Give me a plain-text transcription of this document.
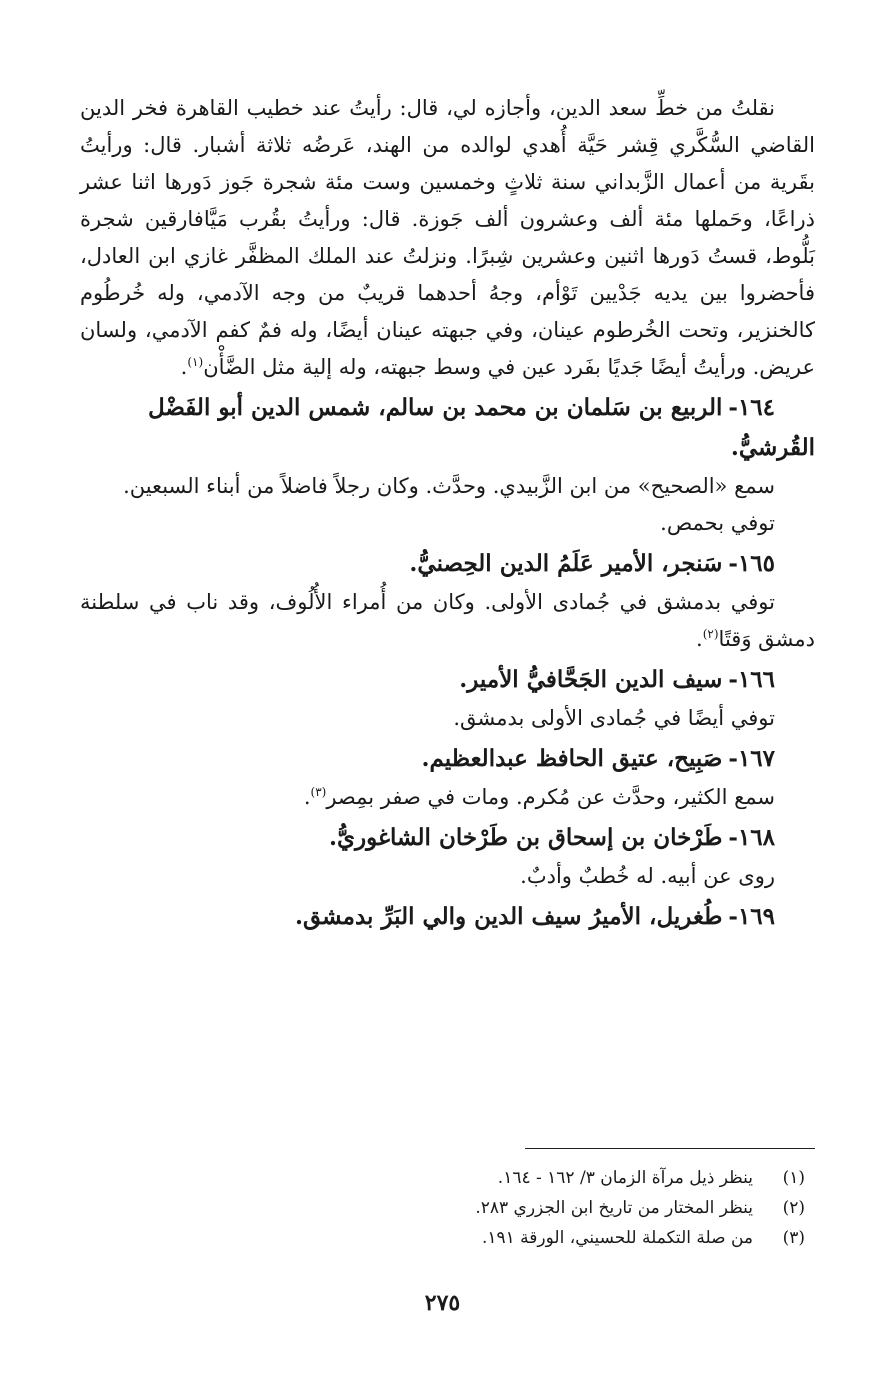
نقلتُ من خطِّ سعد الدين، وأجازه لي، قال: رأيتُ عند خطيب القاهرة فخر الدين القاضي السُّكَّري قِشر حَيَّة أُهدي لوالده من الهند، عَرضُه ثلاثة أشبار. قال: ورأيتُ بقَرية من أعمال الزَّبداني سنة ثلاثٍ وخمسين وست مئة شجرة جَوز دَورها اثنا عشر ذراعًا، وحَملها مئة ألف وعشرون ألف جَوزة. قال: ورأيتُ بقُرب مَيَّافارقين شجرة بَلُّوط، قستُ دَورها اثنين وعشرين شِبرًا. ونزلتُ عند الملك المظفَّر غازي ابن العادل، فأحضروا بين يديه جَدْيين تَوْأم، وجهُ أحدهما قريبٌ من وجه الآدمي، وله خُرطُوم كالخنزير، وتحت الخُرطوم عينان، وفي جبهته عينان أيضًا، وله فمٌ كفم الآدمي، ولسان عريض. ورأيتُ أيضًا جَديًا بفَرد عين في وسط جبهته، وله إلية مثل الضَّأْن$^{(١)}$.

١٦٤-الربيع بن سَلمان بن محمد بن سالم، شمس الدين أبو الفَضْل القُرشيُّ.

سمع «الصحيح» من ابن الزَّبيدي. وحدَّث. وكان رجلاً فاضلاً من أبناء السبعين.

توفي بحمص.

١٦٥-سَنجر، الأمير عَلَمُ الدين الحِصنيُّ.

توفي بدمشق في جُمادى الأولى. وكان من أُمراء الأُلُوف، وقد ناب في سلطنة دمشق وَقتًا$^{(٢)}$.

١٦٦-سيف الدين الجَحَّافيُّ الأمير.

توفي أيضًا في جُمادى الأولى بدمشق.

١٦٧-صَبِيح، عتيق الحافظ عبدالعظيم.

سمع الكثير، وحدَّث عن مُكرم. ومات في صفر بمِصر$^{(٣)}$.

١٦٨-طَرْخان بن إسحاق بن طَرْخان الشاغوريُّ.

روى عن أبيه. له خُطبٌ وأدبٌ.

١٦٩-طُغريل، الأميرُ سيف الدين والي البَرِّ بدمشق.

(١)ينظر ذيل مرآة الزمان ٣/ ١٦٢ - ١٦٤.

(٢)ينظر المختار من تاريخ ابن الجزري ٢٨٣.

(٣)من صلة التكملة للحسيني، الورقة ١٩١.

٢٧٥
